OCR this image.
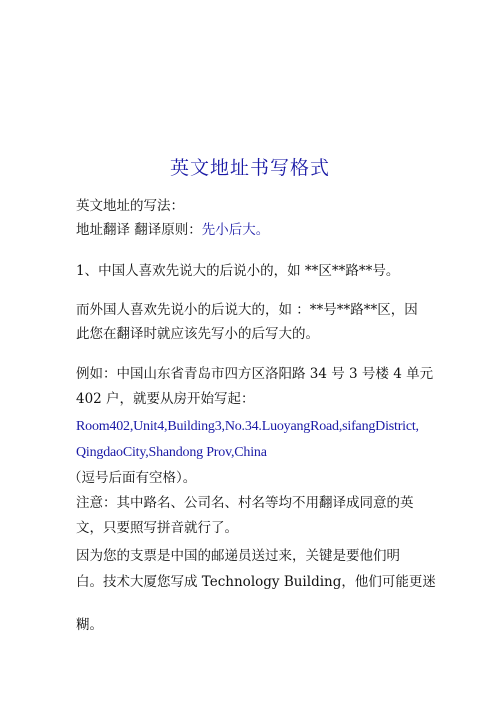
英文地址书写格式
英文地址的写法：
地址翻译 翻译原则：先小后大。
1、中国人喜欢先说大的后说小的，如 **区**路**号。
而外国人喜欢先说小的后说大的，如 ：**号**路**区，因
此您在翻译时就应该先写小的后写大的。
例如：中国山东省青岛市四方区洛阳路 34 号 3 号楼 4 单元
402 户，就要从房开始写起：
Room402,Unit4,Building3,No.34.LuoyangRoad,sifangDistrict,
QingdaoCity,Shandong Prov,China
（逗号后面有空格）。
注意：其中路名、公司名、村名等均不用翻译成同意的英
文，只要照写拼音就行了。
因为您的支票是中国的邮递员送过来，关键是要他们明
白。技术大厦您写成 Technology Building，他们可能更迷
糊。
